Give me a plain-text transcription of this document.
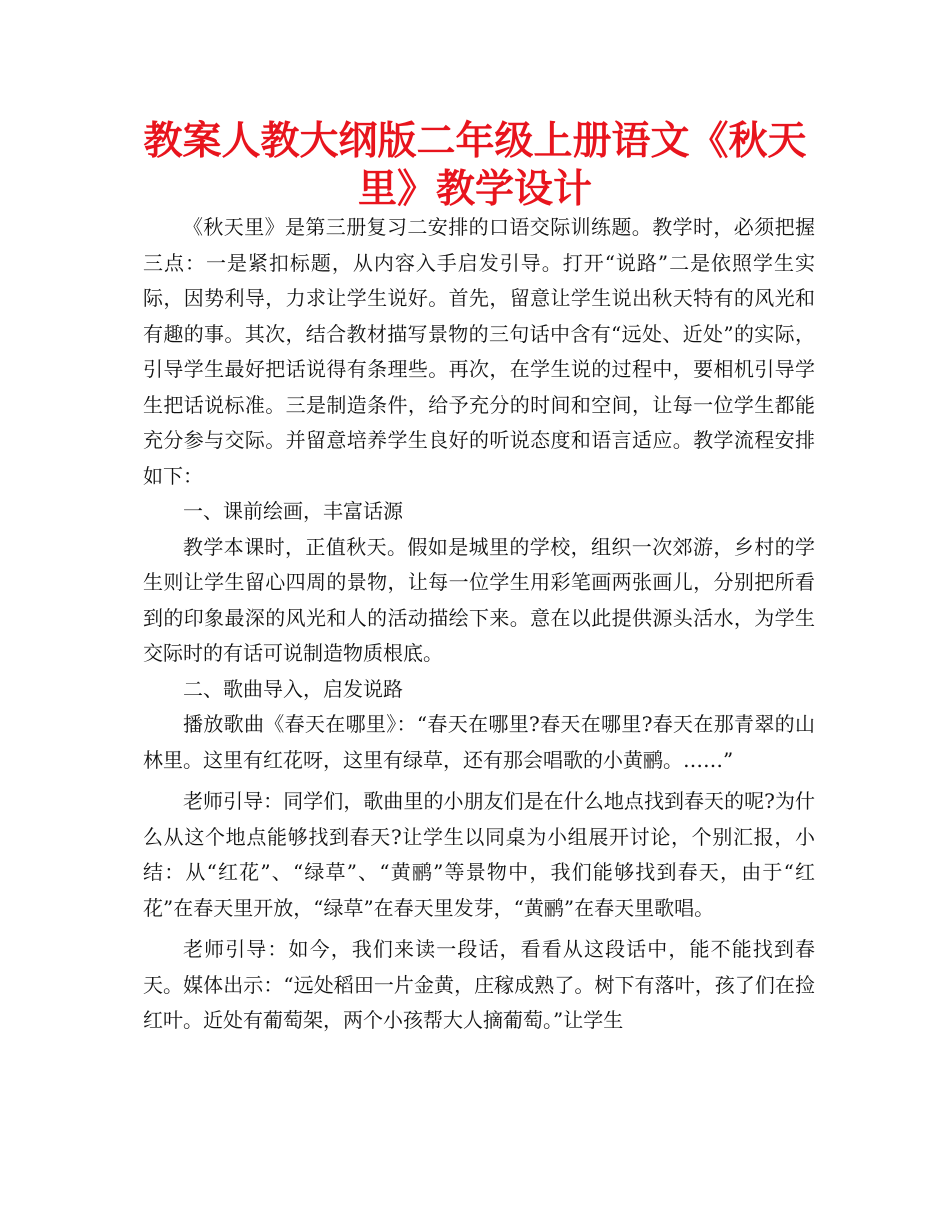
教案人教大纲版二年级上册语文《秋天里》教学设计

《秋天里》是第三册复习二安排的口语交际训练题。教学时，必须把握三点：一是紧扣标题，从内容入手启发引导。打开“说路”二是依照学生实际，因势利导，力求让学生说好。首先，留意让学生说出秋天特有的风光和有趣的事。其次，结合教材描写景物的三句话中含有“远处、近处”的实际，引导学生最好把话说得有条理些。再次，在学生说的过程中，要相机引导学生把话说标准。三是制造条件，给予充分的时间和空间，让每一位学生都能充分参与交际。并留意培养学生良好的听说态度和语言适应。教学流程安排如下：

一、课前绘画，丰富话源

教学本课时，正值秋天。假如是城里的学校，组织一次郊游，乡村的学生则让学生留心四周的景物，让每一位学生用彩笔画两张画儿，分别把所看到的印象最深的风光和人的活动描绘下来。意在以此提供源头活水，为学生交际时的有话可说制造物质根底。

二、歌曲导入，启发说路

播放歌曲《春天在哪里》：“春天在哪里?春天在哪里?春天在那青翠的山林里。这里有红花呀，这里有绿草，还有那会唱歌的小黄鹂。……”

老师引导：同学们，歌曲里的小朋友们是在什么地点找到春天的呢?为什么从这个地点能够找到春天?让学生以同桌为小组展开讨论，个别汇报，小结：从“红花”、“绿草”、“黄鹂”等景物中，我们能够找到春天，由于“红花”在春天里开放，“绿草”在春天里发芽，“黄鹂”在春天里歌唱。

老师引导：如今，我们来读一段话，看看从这段话中，能不能找到春天。媒体出示：“远处稻田一片金黄，庄稼成熟了。树下有落叶，孩了们在捡红叶。近处有葡萄架，两个小孩帮大人摘葡萄。”让学生
